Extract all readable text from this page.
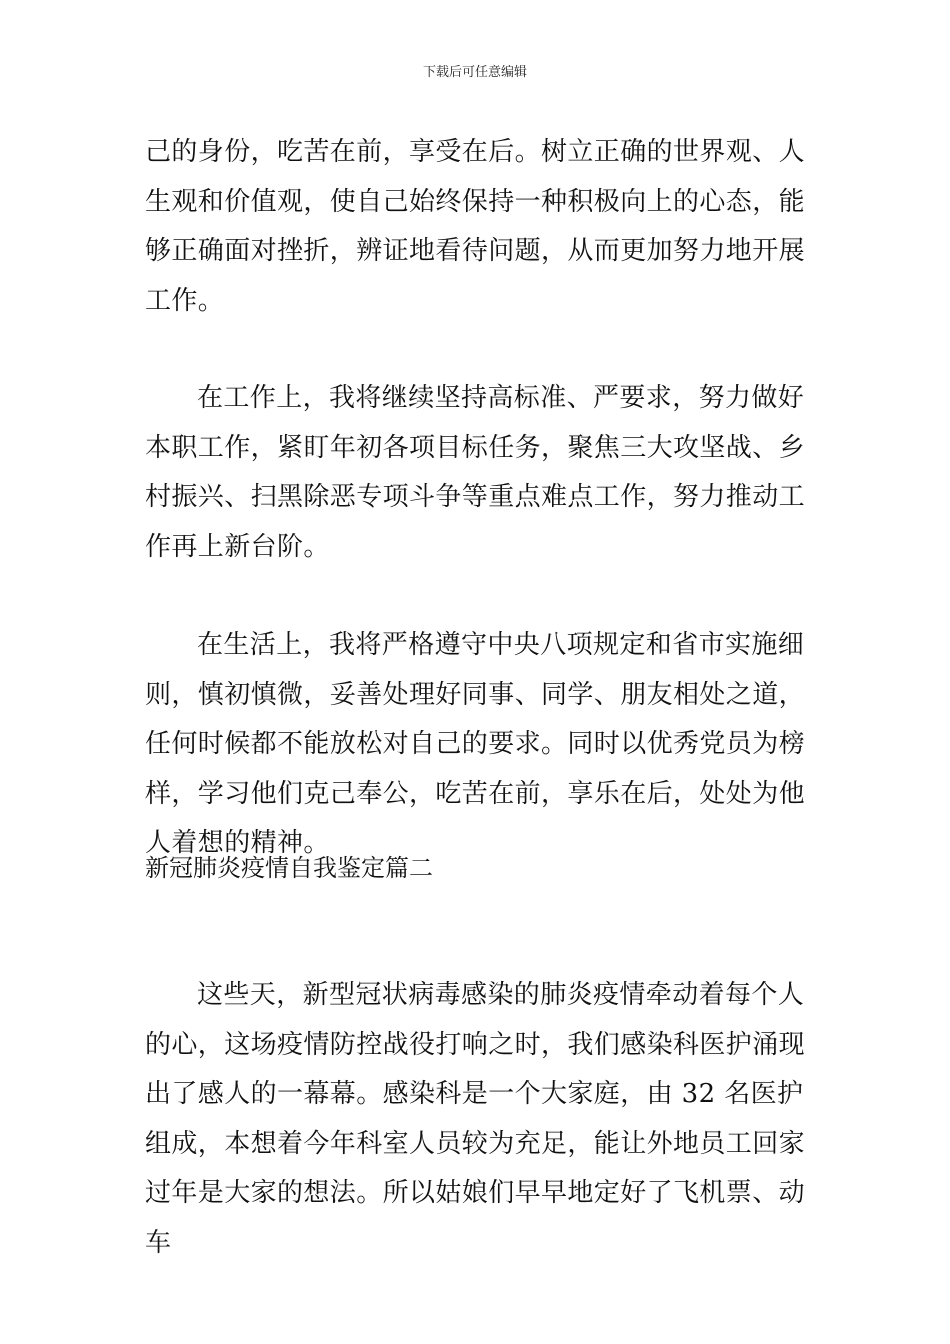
下载后可任意编辑

己的身份，吃苦在前，享受在后。树立正确的世界观、人生观和价值观，使自己始终保持一种积极向上的心态，能够正确面对挫折，辨证地看待问题，从而更加努力地开展工作。

在工作上，我将继续坚持高标准、严要求，努力做好本职工作，紧盯年初各项目标任务，聚焦三大攻坚战、乡村振兴、扫黑除恶专项斗争等重点难点工作，努力推动工作再上新台阶。

在生活上，我将严格遵守中央八项规定和省市实施细则，慎初慎微，妥善处理好同事、同学、朋友相处之道，任何时候都不能放松对自己的要求。同时以优秀党员为榜样，学习他们克己奉公，吃苦在前，享乐在后，处处为他人着想的精神。

新冠肺炎疫情自我鉴定篇二

这些天，新型冠状病毒感染的肺炎疫情牵动着每个人的心，这场疫情防控战役打响之时，我们感染科医护涌现出了感人的一幕幕。感染科是一个大家庭，由 32 名医护组成，本想着今年科室人员较为充足，能让外地员工回家过年是大家的想法。所以姑娘们早早地定好了飞机票、动车
